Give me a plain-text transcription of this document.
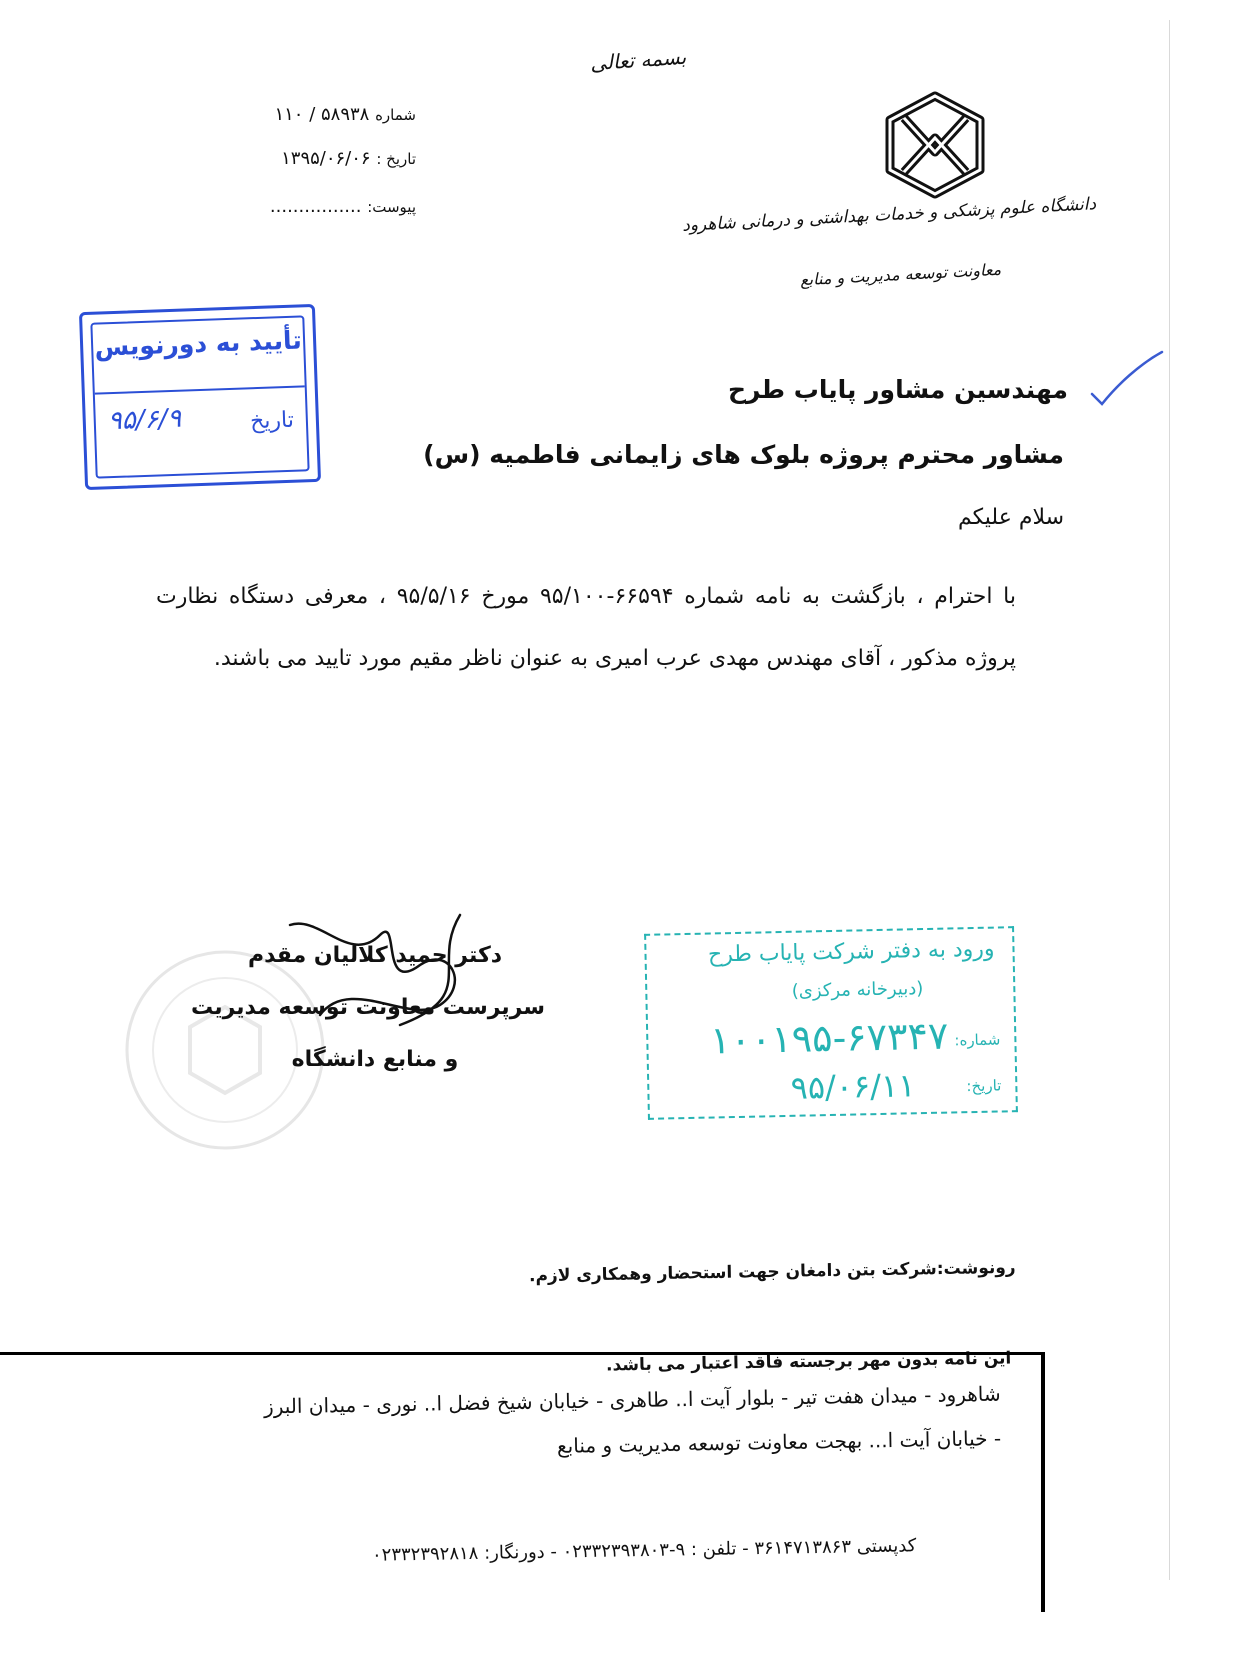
بسمه تعالی
شماره ۵۸۹۳۸ / ۱۱۰
تاریخ : ۱۳۹۵/۰۶/۰۶
پیوست: ................	دانشگاه علوم پزشکی و خدمات بهداشتی و درمانی شاهرود
معاونت توسعه مدیریت و منابع
تأیید به دورنویس
تاریخ
۹۵/۶/۹
مهندسین مشاور پایاب طرح
مشاور محترم پروژه بلوک های زایمانی فاطمیه (س)
سلام علیکم
با احترام ، بازگشت به نامه شماره ۶۶۵۹۴-۹۵/۱۰۰ مورخ ۹۵/۵/۱۶ ، معرفی دستگاه نظارت پروژه مذکور ، آقای مهندس مهدی عرب امیری به عنوان ناظر مقیم مورد تایید می باشند.
دکتر حمید کلالیان مقدم
سرپرست معاونت توسعه مدیریت
و منابع دانشگاه
ورود به دفتر شرکت پایاب طرح
(دبیرخانه مرکزی)
شماره:
۱۰۰۱۹۵-۶۷۳۴۷
تاریخ:
۹۵/۰۶/۱۱
رونوشت:شرکت بتن دامغان جهت استحضار وهمکاری لازم.
این نامه بدون مهر برجسته فاقد اعتبار می باشد.
شاهرود - میدان هفت تیر - بلوار آیت ا.. طاهری - خیابان شیخ فضل ا.. نوری - میدان البرز
- خیابان آیت ا... بهجت معاونت توسعه مدیریت و منابع
کدپستی ۳۶۱۴۷۱۳۸۶۳ - تلفن : ۹-۰۲۳۳۲۳۹۳۸۰۳ - دورنگار: ۰۲۳۳۲۳۹۲۸۱۸
